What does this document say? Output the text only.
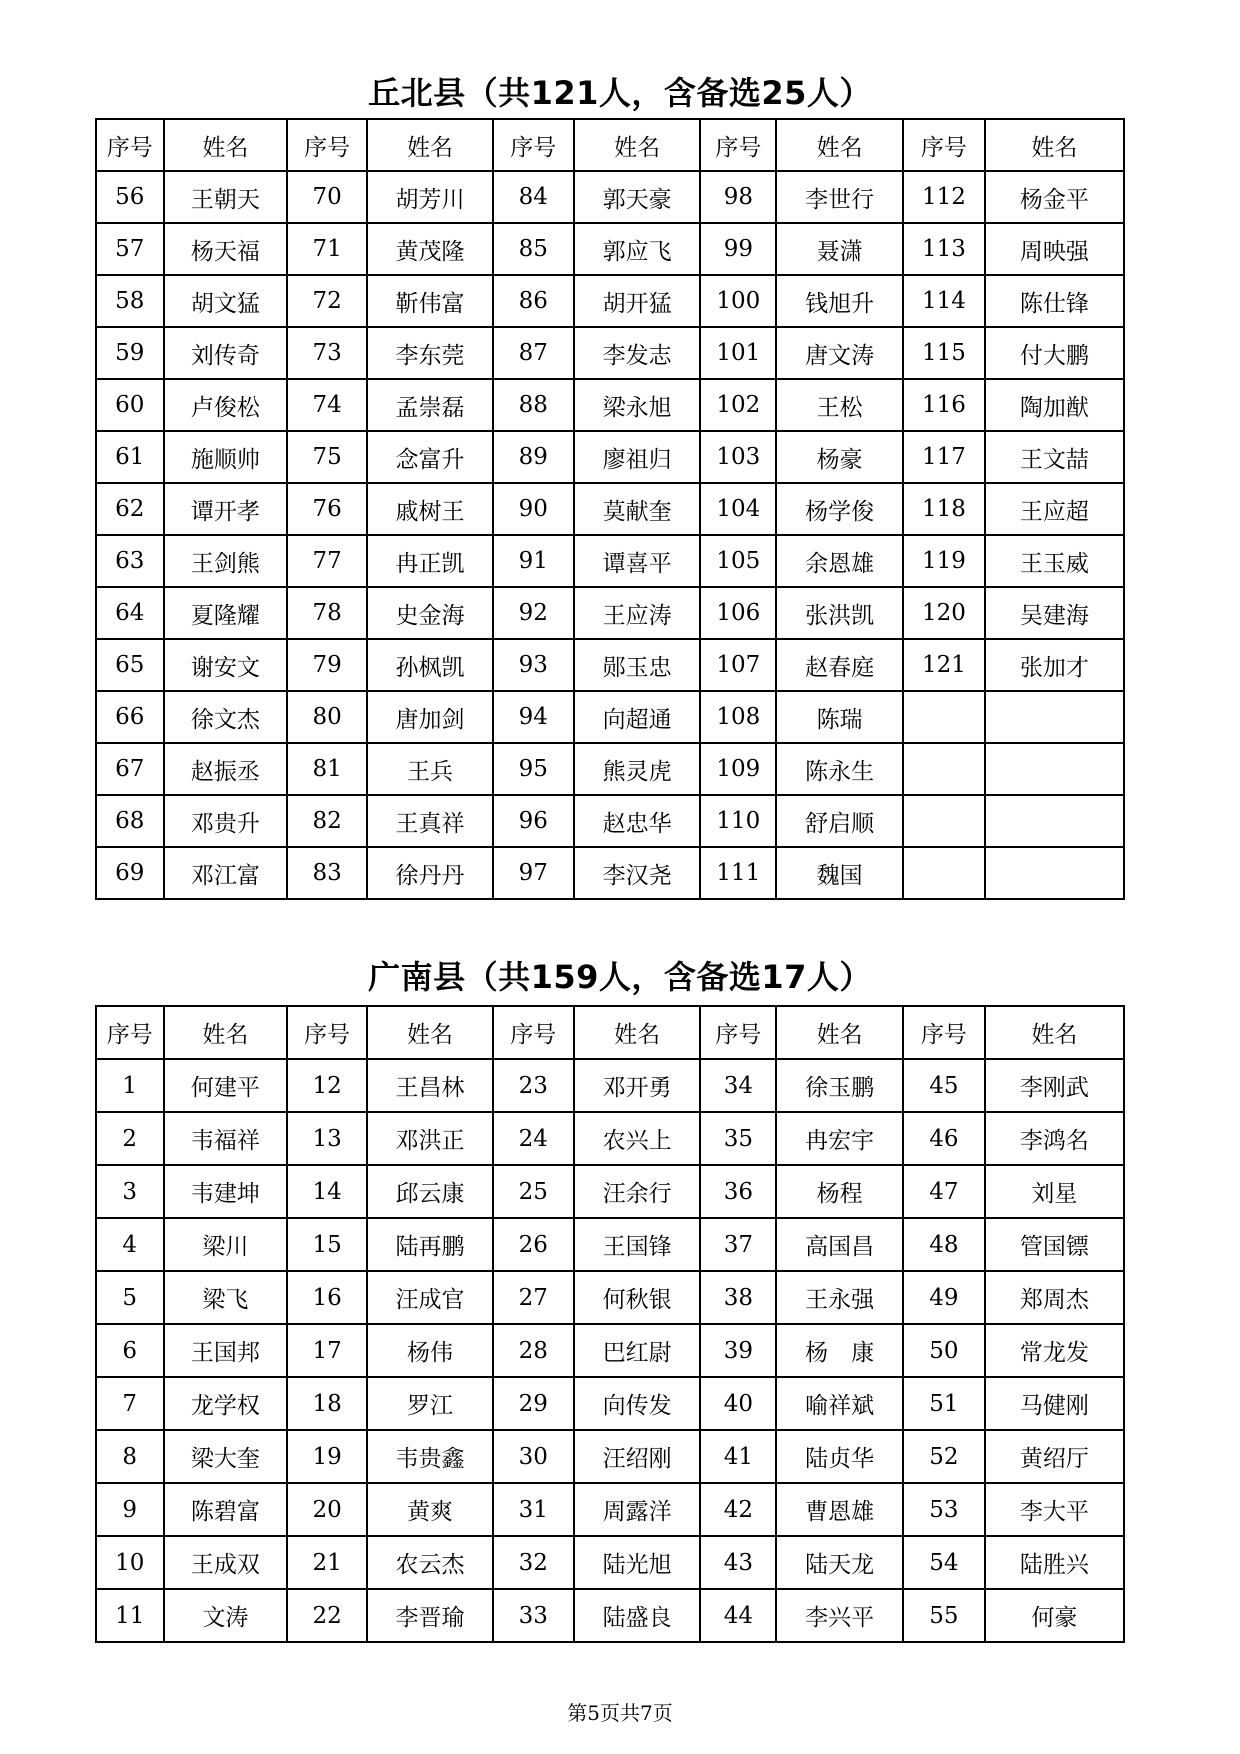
丘北县（共121人，含备选25人）
序号	姓名	序号	姓名	序号	姓名	序号	姓名	序号	姓名
56	王朝天	70	胡芳川	84	郭天豪	98	李世行	112	杨金平
57	杨天福	71	黄茂隆	85	郭应飞	99	聂潇	113	周映强
58	胡文猛	72	靳伟富	86	胡开猛	100	钱旭升	114	陈仕锋
59	刘传奇	73	李东莞	87	李发志	101	唐文涛	115	付大鹏
60	卢俊松	74	孟崇磊	88	梁永旭	102	王松	116	陶加猷
61	施顺帅	75	念富升	89	廖祖归	103	杨豪	117	王文喆
62	谭开孝	76	戚树王	90	莫献奎	104	杨学俊	118	王应超
63	王剑熊	77	冉正凯	91	谭喜平	105	余恩雄	119	王玉威
64	夏隆耀	78	史金海	92	王应涛	106	张洪凯	120	吴建海
65	谢安文	79	孙枫凯	93	郧玉忠	107	赵春庭	121	张加才
66	徐文杰	80	唐加剑	94	向超通	108	陈瑞		
67	赵振丞	81	王兵	95	熊灵虎	109	陈永生		
68	邓贵升	82	王真祥	96	赵忠华	110	舒启顺		
69	邓江富	83	徐丹丹	97	李汉尧	111	魏国		
广南县（共159人，含备选17人）
序号	姓名	序号	姓名	序号	姓名	序号	姓名	序号	姓名
1	何建平	12	王昌林	23	邓开勇	34	徐玉鹏	45	李刚武
2	韦福祥	13	邓洪正	24	农兴上	35	冉宏宇	46	李鸿名
3	韦建坤	14	邱云康	25	汪余行	36	杨程	47	刘星
4	梁川	15	陆再鹏	26	王国锋	37	高国昌	48	管国镖
5	梁飞	16	汪成官	27	何秋银	38	王永强	49	郑周杰
6	王国邦	17	杨伟	28	巴红尉	39	杨　康	50	常龙发
7	龙学权	18	罗江	29	向传发	40	喻祥斌	51	马健刚
8	梁大奎	19	韦贵鑫	30	汪绍刚	41	陆贞华	52	黄绍厅
9	陈碧富	20	黄爽	31	周露洋	42	曹恩雄	53	李大平
10	王成双	21	农云杰	32	陆光旭	43	陆天龙	54	陆胜兴
11	文涛	22	李晋瑜	33	陆盛良	44	李兴平	55	何豪
第5页共7页
